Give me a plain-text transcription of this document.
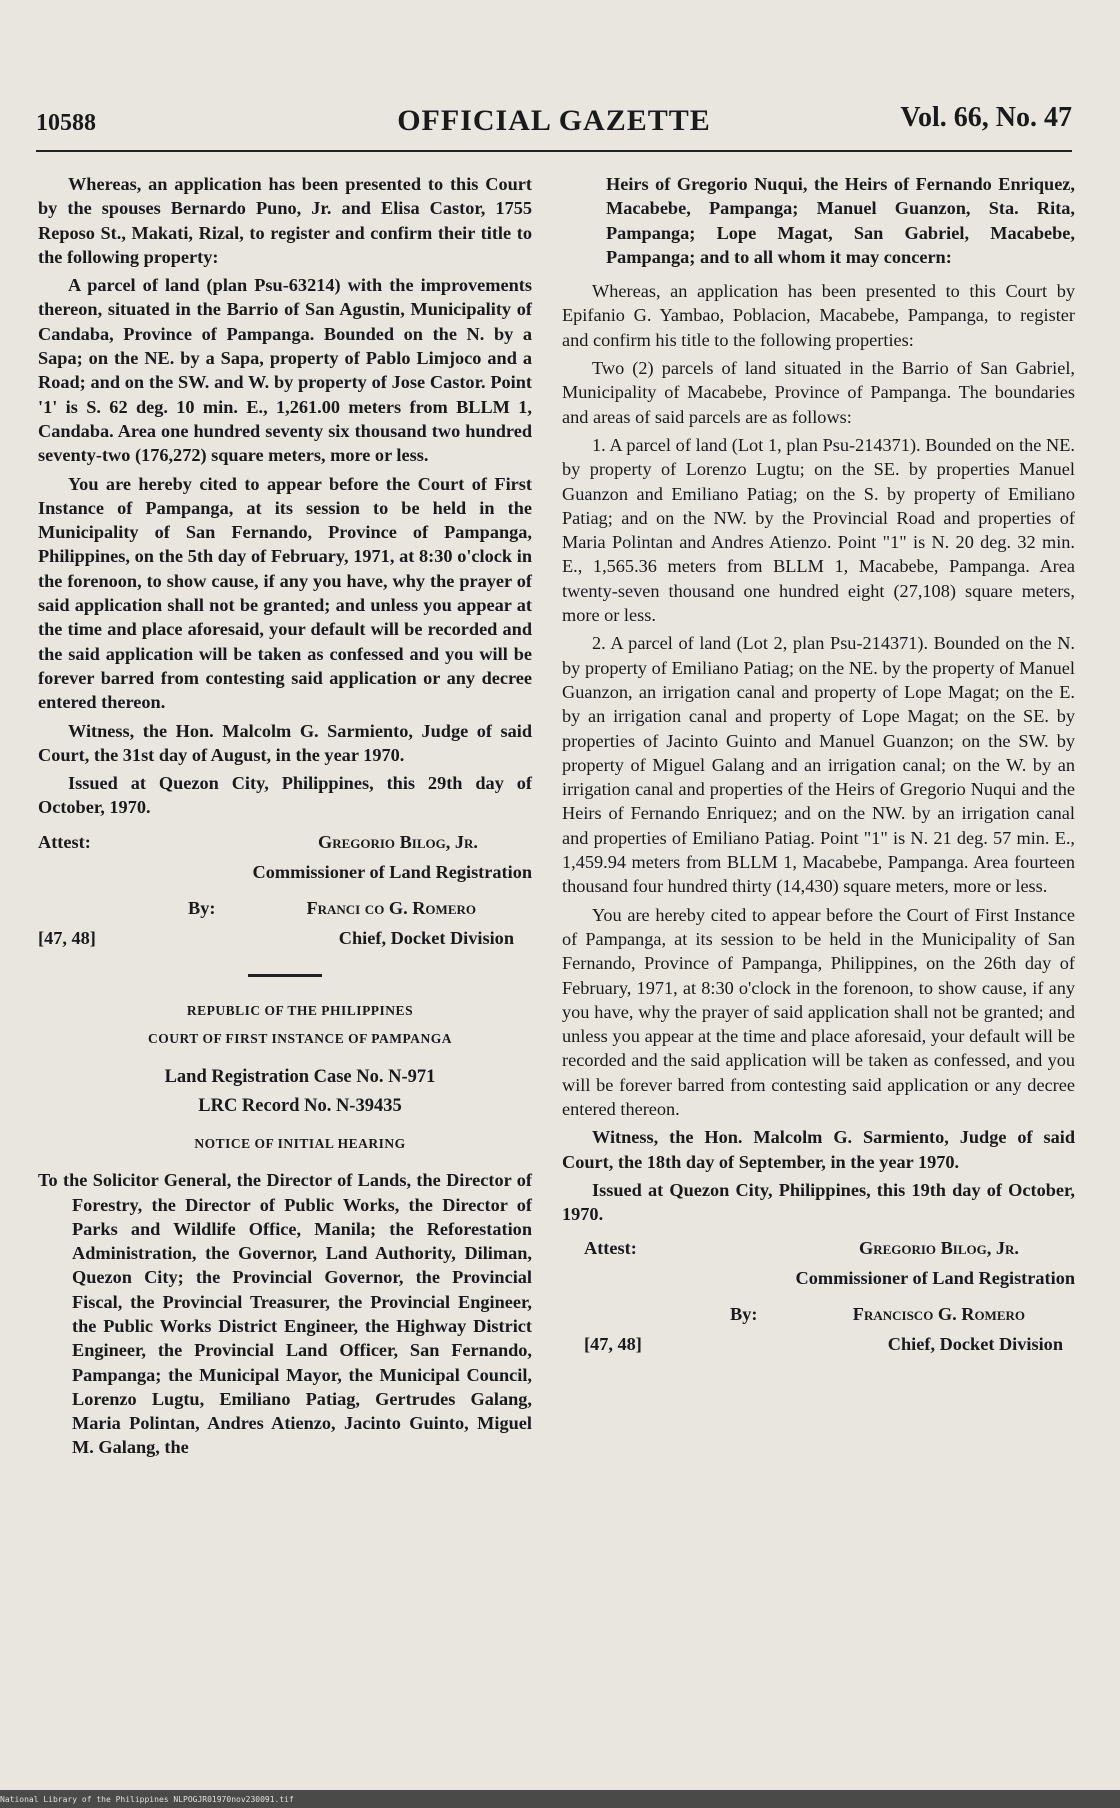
10588	OFFICIAL GAZETTE	Vol. 66, No. 47

Whereas, an application has been presented to this Court by the spouses Bernardo Puno, Jr. and Elisa Castor, 1755 Reposo St., Makati, Rizal, to register and confirm their title to the following property:

A parcel of land (plan Psu-63214) with the improvements thereon, situated in the Barrio of San Agustin, Municipality of Candaba, Province of Pampanga. Bounded on the N. by a Sapa; on the NE. by a Sapa, property of Pablo Limjoco and a Road; and on the SW. and W. by property of Jose Castor. Point '1' is S. 62 deg. 10 min. E., 1,261.00 meters from BLLM 1, Candaba. Area one hundred seventy six thousand two hundred seventy-two (176,272) square meters, more or less.

You are hereby cited to appear before the Court of First Instance of Pampanga, at its session to be held in the Municipality of San Fernando, Province of Pampanga, Philippines, on the 5th day of February, 1971, at 8:30 o'clock in the forenoon, to show cause, if any you have, why the prayer of said application shall not be granted; and unless you appear at the time and place aforesaid, your default will be recorded and the said application will be taken as confessed and you will be forever barred from contesting said application or any decree entered thereon.

Witness, the Hon. Malcolm G. Sarmiento, Judge of said Court, the 31st day of August, in the year 1970.

Issued at Quezon City, Philippines, this 29th day of October, 1970.

Attest:	Gregorio Bilog, Jr.
Commissioner of Land Registration
By:	Franci co G. Romero
[47, 48]	Chief, Docket Division

REPUBLIC OF THE PHILIPPINES

COURT OF FIRST INSTANCE OF PAMPANGA

Land Registration Case No. N-971

LRC Record No. N-39435

NOTICE OF INITIAL HEARING

To the Solicitor General, the Director of Lands, the Director of Forestry, the Director of Public Works, the Director of Parks and Wildlife Office, Manila; the Reforestation Administration, the Governor, Land Authority, Diliman, Quezon City; the Provincial Governor, the Provincial Fiscal, the Provincial Treasurer, the Provincial Engineer, the Public Works District Engineer, the Highway District Engineer, the Provincial Land Officer, San Fernando, Pampanga; the Municipal Mayor, the Municipal Council, Lorenzo Lugtu, Emiliano Patiag, Gertrudes Galang, Maria Polintan, Andres Atienzo, Jacinto Guinto, Miguel M. Galang, the

Heirs of Gregorio Nuqui, the Heirs of Fernando Enriquez, Macabebe, Pampanga; Manuel Guanzon, Sta. Rita, Pampanga; Lope Magat, San Gabriel, Macabebe, Pampanga; and to all whom it may concern:

Whereas, an application has been presented to this Court by Epifanio G. Yambao, Poblacion, Macabebe, Pampanga, to register and confirm his title to the following properties:

Two (2) parcels of land situated in the Barrio of San Gabriel, Municipality of Macabebe, Province of Pampanga. The boundaries and areas of said parcels are as follows:

1. A parcel of land (Lot 1, plan Psu-214371). Bounded on the NE. by property of Lorenzo Lugtu; on the SE. by properties Manuel Guanzon and Emiliano Patiag; on the S. by property of Emiliano Patiag; and on the NW. by the Provincial Road and properties of Maria Polintan and Andres Atienzo. Point "1" is N. 20 deg. 32 min. E., 1,565.36 meters from BLLM 1, Macabebe, Pampanga. Area twenty-seven thousand one hundred eight (27,108) square meters, more or less.

2. A parcel of land (Lot 2, plan Psu-214371). Bounded on the N. by property of Emiliano Patiag; on the NE. by the property of Manuel Guanzon, an irrigation canal and property of Lope Magat; on the E. by an irrigation canal and property of Lope Magat; on the SE. by properties of Jacinto Guinto and Manuel Guanzon; on the SW. by property of Miguel Galang and an irrigation canal; on the W. by an irrigation canal and properties of the Heirs of Gregorio Nuqui and the Heirs of Fernando Enriquez; and on the NW. by an irrigation canal and properties of Emiliano Patiag. Point "1" is N. 21 deg. 57 min. E., 1,459.94 meters from BLLM 1, Macabebe, Pampanga. Area fourteen thousand four hundred thirty (14,430) square meters, more or less.

You are hereby cited to appear before the Court of First Instance of Pampanga, at its session to be held in the Municipality of San Fernando, Province of Pampanga, Philippines, on the 26th day of February, 1971, at 8:30 o'clock in the forenoon, to show cause, if any you have, why the prayer of said application shall not be granted; and unless you appear at the time and place aforesaid, your default will be recorded and the said application will be taken as confessed, and you will be forever barred from contesting said application or any decree entered thereon.

Witness, the Hon. Malcolm G. Sarmiento, Judge of said Court, the 18th day of September, in the year 1970.

Issued at Quezon City, Philippines, this 19th day of October, 1970.

Attest:	Gregorio Bilog, Jr.
Commissioner of Land Registration
By:	Francisco G. Romero
[47, 48]	Chief, Docket Division
National Library of the Philippines NLPOGJR01970nov230091.tif
